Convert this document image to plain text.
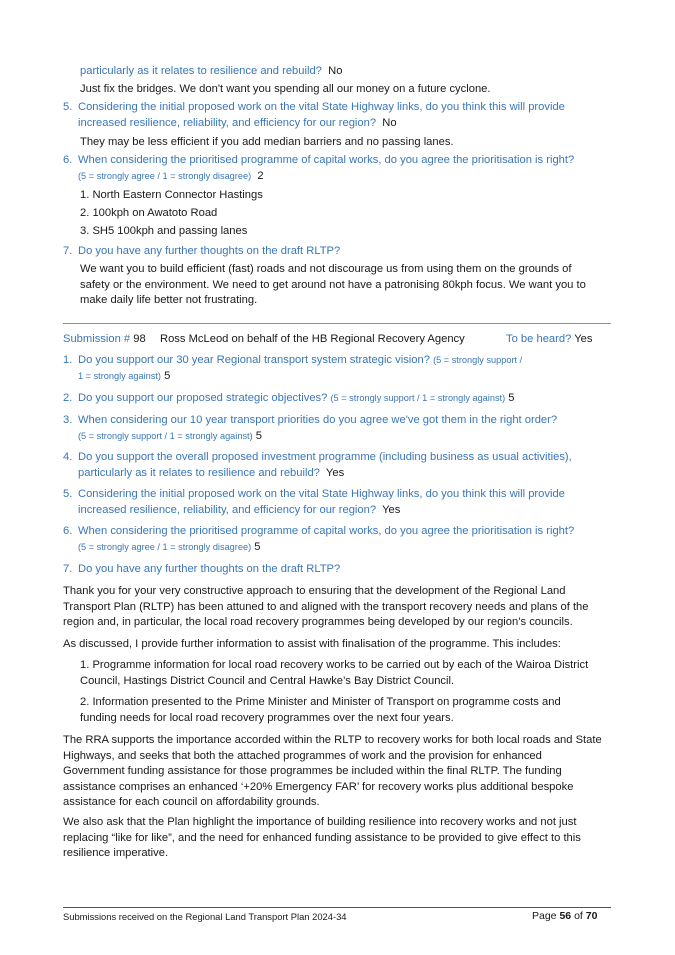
particularly as it relates to resilience and rebuild? No
Just fix the bridges. We don't want you spending all our money on a future cyclone.
5. Considering the initial proposed work on the vital State Highway links, do you think this will provide
increased resilience, reliability, and efficiency for our region? No
They may be less efficient if you add median barriers and no passing lanes.
6. When considering the prioritised programme of capital works, do you agree the prioritisation is right?
(5 = strongly agree / 1 = strongly disagree) 2
1. North Eastern Connector Hastings
2. 100kph on Awatoto Road
3. SH5 100kph and passing lanes
7. Do you have any further thoughts on the draft RLTP?
We want you to build efficient (fast) roads and not discourage us from using them on the grounds of
safety or the environment. We need to get around not have a patronising 80kph focus. We want you to
make daily life better not frustrating.
Submission # 98 Ross McLeod on behalf of the HB Regional Recovery Agency	To be heard? Yes
1. Do you support our 30 year Regional transport system strategic vision? (5 = strongly support /
1 = strongly against) 5
2. Do you support our proposed strategic objectives? (5 = strongly support / 1 = strongly against) 5
3. When considering our 10 year transport priorities do you agree we've got them in the right order?
(5 = strongly support / 1 = strongly against) 5
4. Do you support the overall proposed investment programme (including business as usual activities),
particularly as it relates to resilience and rebuild? Yes
5. Considering the initial proposed work on the vital State Highway links, do you think this will provide
increased resilience, reliability, and efficiency for our region? Yes
6. When considering the prioritised programme of capital works, do you agree the prioritisation is right?
(5 = strongly agree / 1 = strongly disagree) 5
7. Do you have any further thoughts on the draft RLTP?
Thank you for your very constructive approach to ensuring that the development of the Regional Land
Transport Plan (RLTP) has been attuned to and aligned with the transport recovery needs and plans of the
region and, in particular, the local road recovery programmes being developed by our region’s councils.
As discussed, I provide further information to assist with finalisation of the programme. This includes:
1. Programme information for local road recovery works to be carried out by each of the Wairoa District
Council, Hastings District Council and Central Hawke’s Bay District Council.
2. Information presented to the Prime Minister and Minister of Transport on programme costs and
funding needs for local road recovery programmes over the next four years.
The RRA supports the importance accorded within the RLTP to recovery works for both local roads and State
Highways, and seeks that both the attached programmes of work and the provision for enhanced
Government funding assistance for those programmes be included within the final RLTP. The funding
assistance comprises an enhanced ‘+20% Emergency FAR’ for recovery works plus additional bespoke
assistance for each council on affordability grounds.
We also ask that the Plan highlight the importance of building resilience into recovery works and not just
replacing “like for like”, and the need for enhanced funding assistance to be provided to give effect to this
resilience imperative.
Submissions received on the Regional Land Transport Plan 2024-34	Page 56 of 70
